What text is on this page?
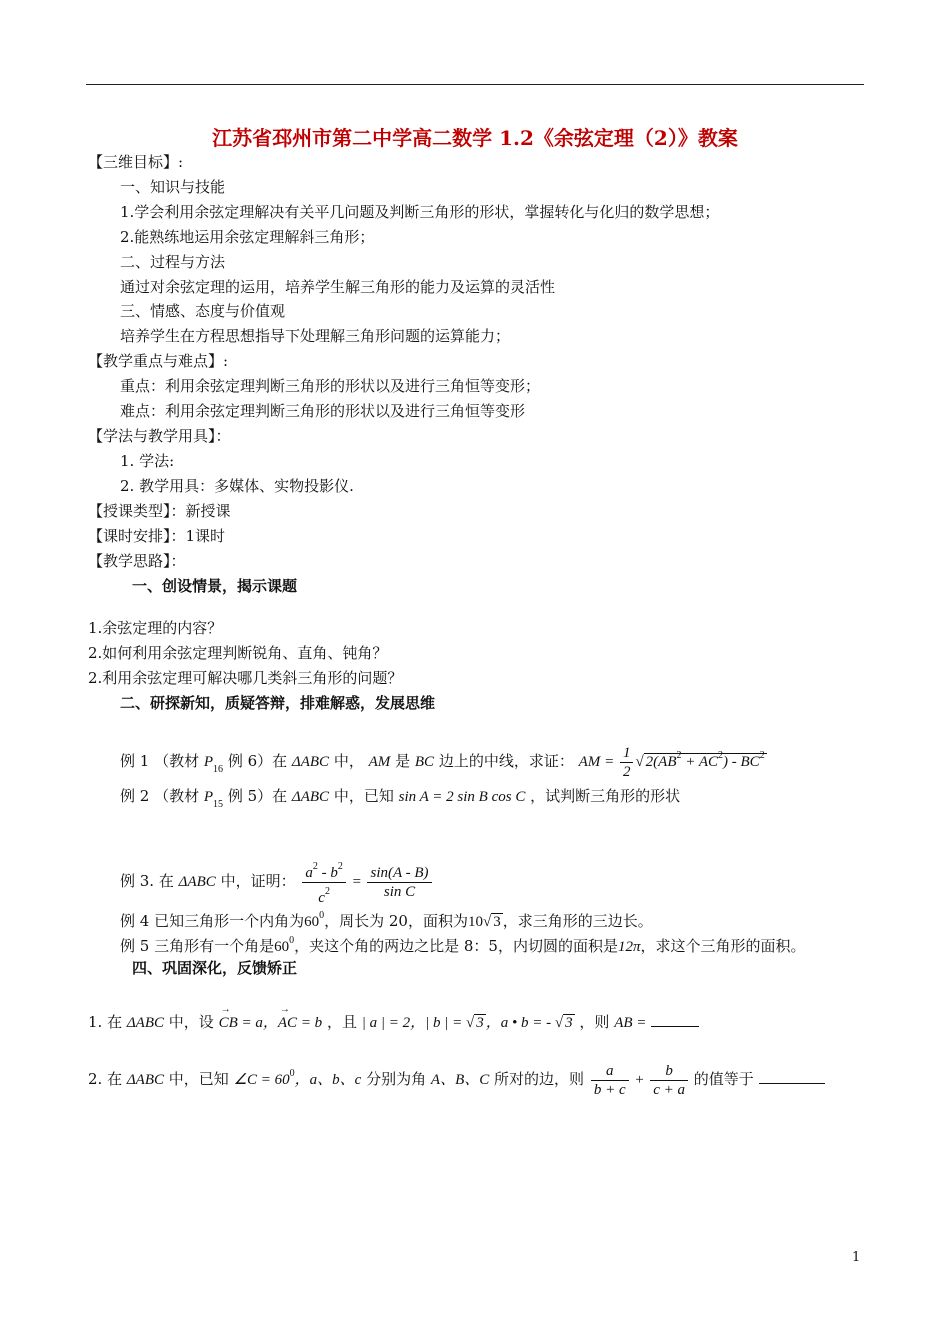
江苏省邳州市第二中学高二数学 1.2《余弦定理（2）》教案
【三维目标】:
一、知识与技能
1.学会利用余弦定理解决有关平几问题及判断三角形的形状，掌握转化与化归的数学思想；
2.能熟练地运用余弦定理解斜三角形；
二、过程与方法
通过对余弦定理的运用，培养学生解三角形的能力及运算的灵活性
三、情感、态度与价值观
培养学生在方程思想指导下处理解三角形问题的运算能力；
【教学重点与难点】:
重点：利用余弦定理判断三角形的形状以及进行三角恒等变形；
难点：利用余弦定理判断三角形的形状以及进行三角恒等变形
【学法与教学用具】：
1. 学法:
2. 教学用具：多媒体、实物投影仪.
【授课类型】：新授课
【课时安排】：1课时
【教学思路】：
一、创设情景，揭示课题
1.余弦定理的内容？
2.如何利用余弦定理判断锐角、直角、钝角？
2.利用余弦定理可解决哪几类斜三角形的问题？
二、研探新知，质疑答辩，排难解惑，发展思维
例 1 （教材 $P_{16}$ 例 6）在 ΔABC 中， AM 是 BC 边上的中线，求证： AM = $\frac{1}{2}$ √ $2(AB^2 + AC^2) - BC^2$
例 2 （教材 $P_{15}$ 例 5）在 ΔABC 中，已知 sin A = 2 sin B cos C ，试判断三角形的形状
例 3. 在 ΔABC 中，证明： $\frac{a^2 - b^2}{c^2} = \frac{\sin(A - B)}{\text{sin C}}$
例 4 已知三角形一个内角为$60^0$，周长为 20，面积为10√ 3 ，求三角形的三边长。
例 5 三角形有一个角是$60^0$，夹这个角的两边之比是 8：5，内切圆的面积是12π，求这个三角形的面积。
四、巩固深化，反馈矫正
1. 在 ΔABC 中，设 → CB = a，→ AC = b ，且 | a | = 2，| b | = √ 3 ，a • b = - √ 3 ，则 AB =
2. 在 ΔABC 中，已知 ∠C = $60^0$，a、b、c 分别为角 A、B、C 所对的边，则 $\frac{a}{b + c} + \frac{b}{c + a}$ 的值等于
1
